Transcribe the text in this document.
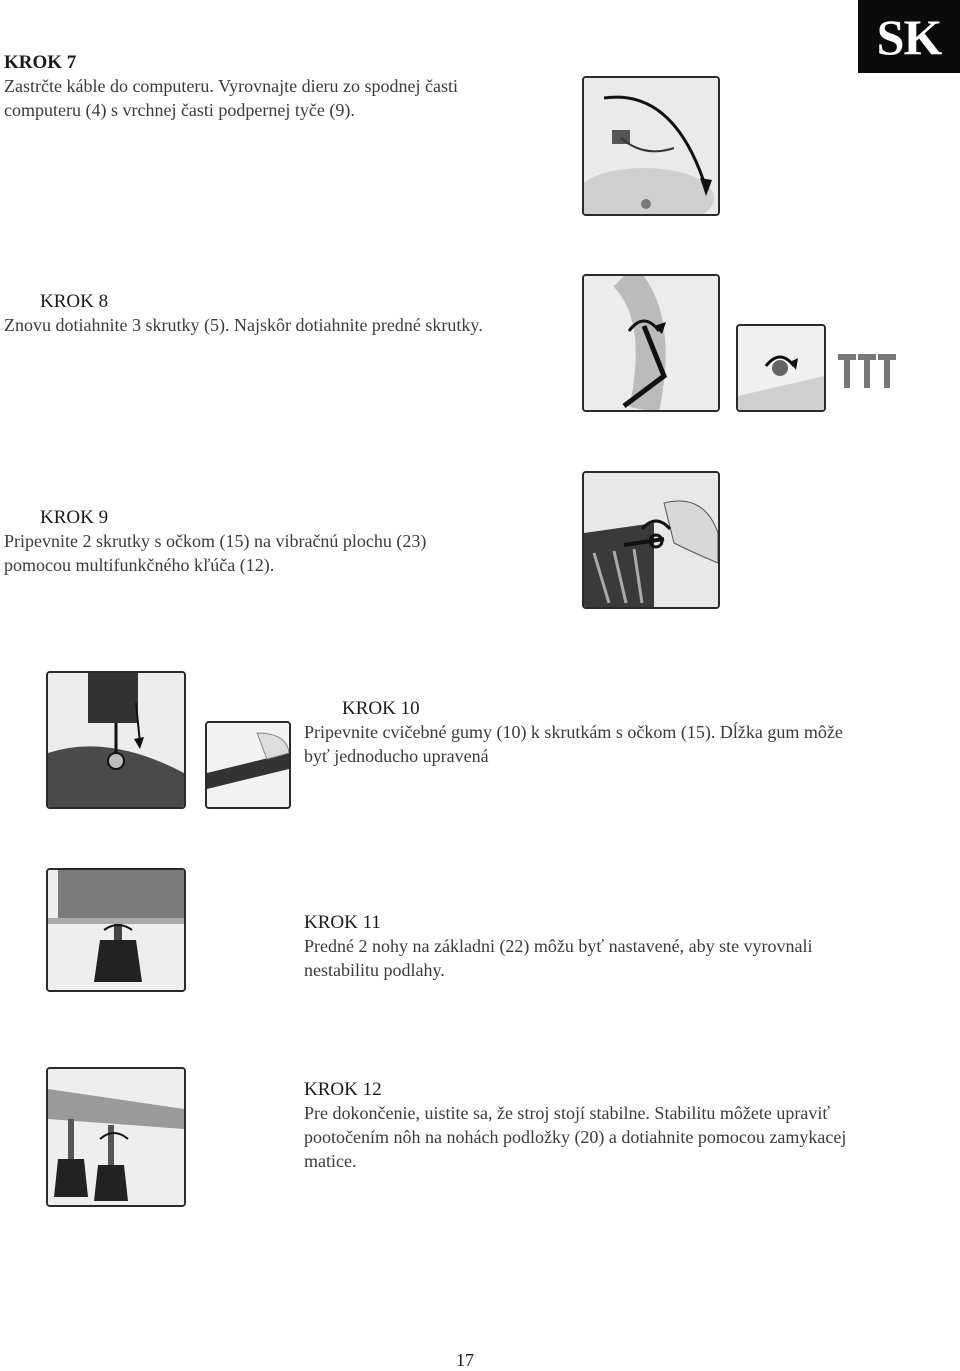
SK
KROK 7
Zastrčte káble do computeru. Vyrovnajte dieru zo spodnej časti
computeru (4) s vrchnej časti podpernej tyče (9).
KROK 8
Znovu dotiahnite 3 skrutky (5). Najskôr dotiahnite predné skrutky.
KROK 9
Pripevnite 2 skrutky s očkom (15) na vibračnú plochu (23)
pomocou multifunkčného kľúča (12).
KROK 10
Pripevnite cvičebné gumy (10) k skrutkám s očkom (15). Dĺžka gum môže
byť jednoducho upravená
KROK 11
Predné 2 nohy na základni (22) môžu byť nastavené, aby ste vyrovnali
nestabilitu podlahy.
KROK 12
Pre dokončenie, uistite sa, že stroj stojí stabilne. Stabilitu môžete upraviť
pootočením nôh na nohách podložky (20) a dotiahnite pomocou zamykacej
matice.
17
